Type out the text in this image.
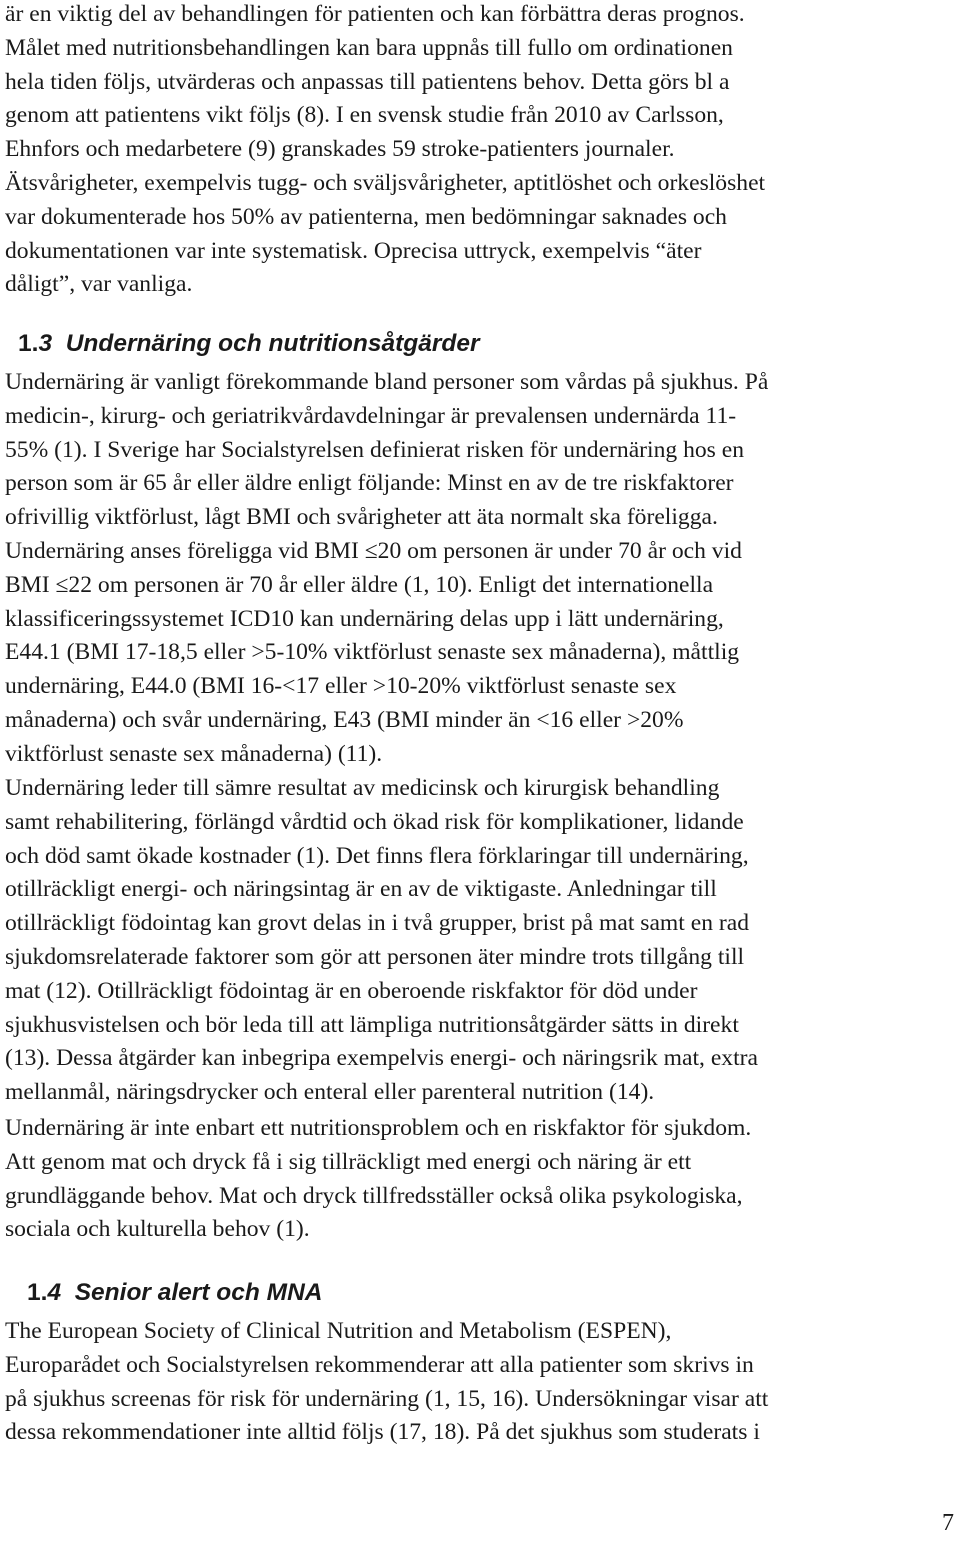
är en viktig del av behandlingen för patienten och kan förbättra deras prognos.
Målet med nutritionsbehandlingen kan bara uppnås till fullo om ordinationen
hela tiden följs, utvärderas och anpassas till patientens behov. Detta görs bl a
genom att patientens vikt följs (8). I en svensk studie från 2010 av Carlsson,
Ehnfors och medarbetere (9) granskades 59 stroke-patienters journaler.
Ätsvårigheter, exempelvis tugg- och sväljsvårigheter, aptitlöshet och orkeslöshet
var dokumenterade hos 50% av patienterna, men bedömningar saknades och
dokumentationen var inte systematisk. Oprecisa uttryck, exempelvis “äter
dåligt”, var vanliga.

1.3 Undernäring och nutritionsåtgärder

Undernäring är vanligt förekommande bland personer som vårdas på sjukhus. På
medicin-, kirurg- och geriatrikvårdavdelningar är prevalensen undernärda 11-
55% (1). I Sverige har Socialstyrelsen definierat risken för undernäring hos en
person som är 65 år eller äldre enligt följande: Minst en av de tre riskfaktorer
ofrivillig viktförlust, lågt BMI och svårigheter att äta normalt ska föreligga.
Undernäring anses föreligga vid BMI ≤20 om personen är under 70 år och vid
BMI ≤22 om personen är 70 år eller äldre (1, 10). Enligt det internationella
klassificeringssystemet ICD10 kan undernäring delas upp i lätt undernäring,
E44.1 (BMI 17-18,5 eller >5-10% viktförlust senaste sex månaderna), måttlig
undernäring, E44.0 (BMI 16-<17 eller >10-20% viktförlust senaste sex
månaderna) och svår undernäring, E43 (BMI minder än <16 eller >20%
viktförlust senaste sex månaderna) (11).

Undernäring leder till sämre resultat av medicinsk och kirurgisk behandling
samt rehabilitering, förlängd vårdtid och ökad risk för komplikationer, lidande
och död samt ökade kostnader (1). Det finns flera förklaringar till undernäring,
otillräckligt energi- och näringsintag är en av de viktigaste. Anledningar till
otillräckligt födointag kan grovt delas in i två grupper, brist på mat samt en rad
sjukdomsrelaterade faktorer som gör att personen äter mindre trots tillgång till
mat (12). Otillräckligt födointag är en oberoende riskfaktor för död under
sjukhusvistelsen och bör leda till att lämpliga nutritionsåtgärder sätts in direkt
(13). Dessa åtgärder kan inbegripa exempelvis energi- och näringsrik mat, extra
mellanmål, näringsdrycker och enteral eller parenteral nutrition (14).

Undernäring är inte enbart ett nutritionsproblem och en riskfaktor för sjukdom.
Att genom mat och dryck få i sig tillräckligt med energi och näring är ett
grundläggande behov. Mat och dryck tillfredsställer också olika psykologiska,
sociala och kulturella behov (1).

1.4 Senior alert och MNA

The European Society of Clinical Nutrition and Metabolism (ESPEN),
Europarådet och Socialstyrelsen rekommenderar att alla patienter som skrivs in
på sjukhus screenas för risk för undernäring (1, 15, 16). Undersökningar visar att
dessa rekommendationer inte alltid följs (17, 18). På det sjukhus som studerats i

7
